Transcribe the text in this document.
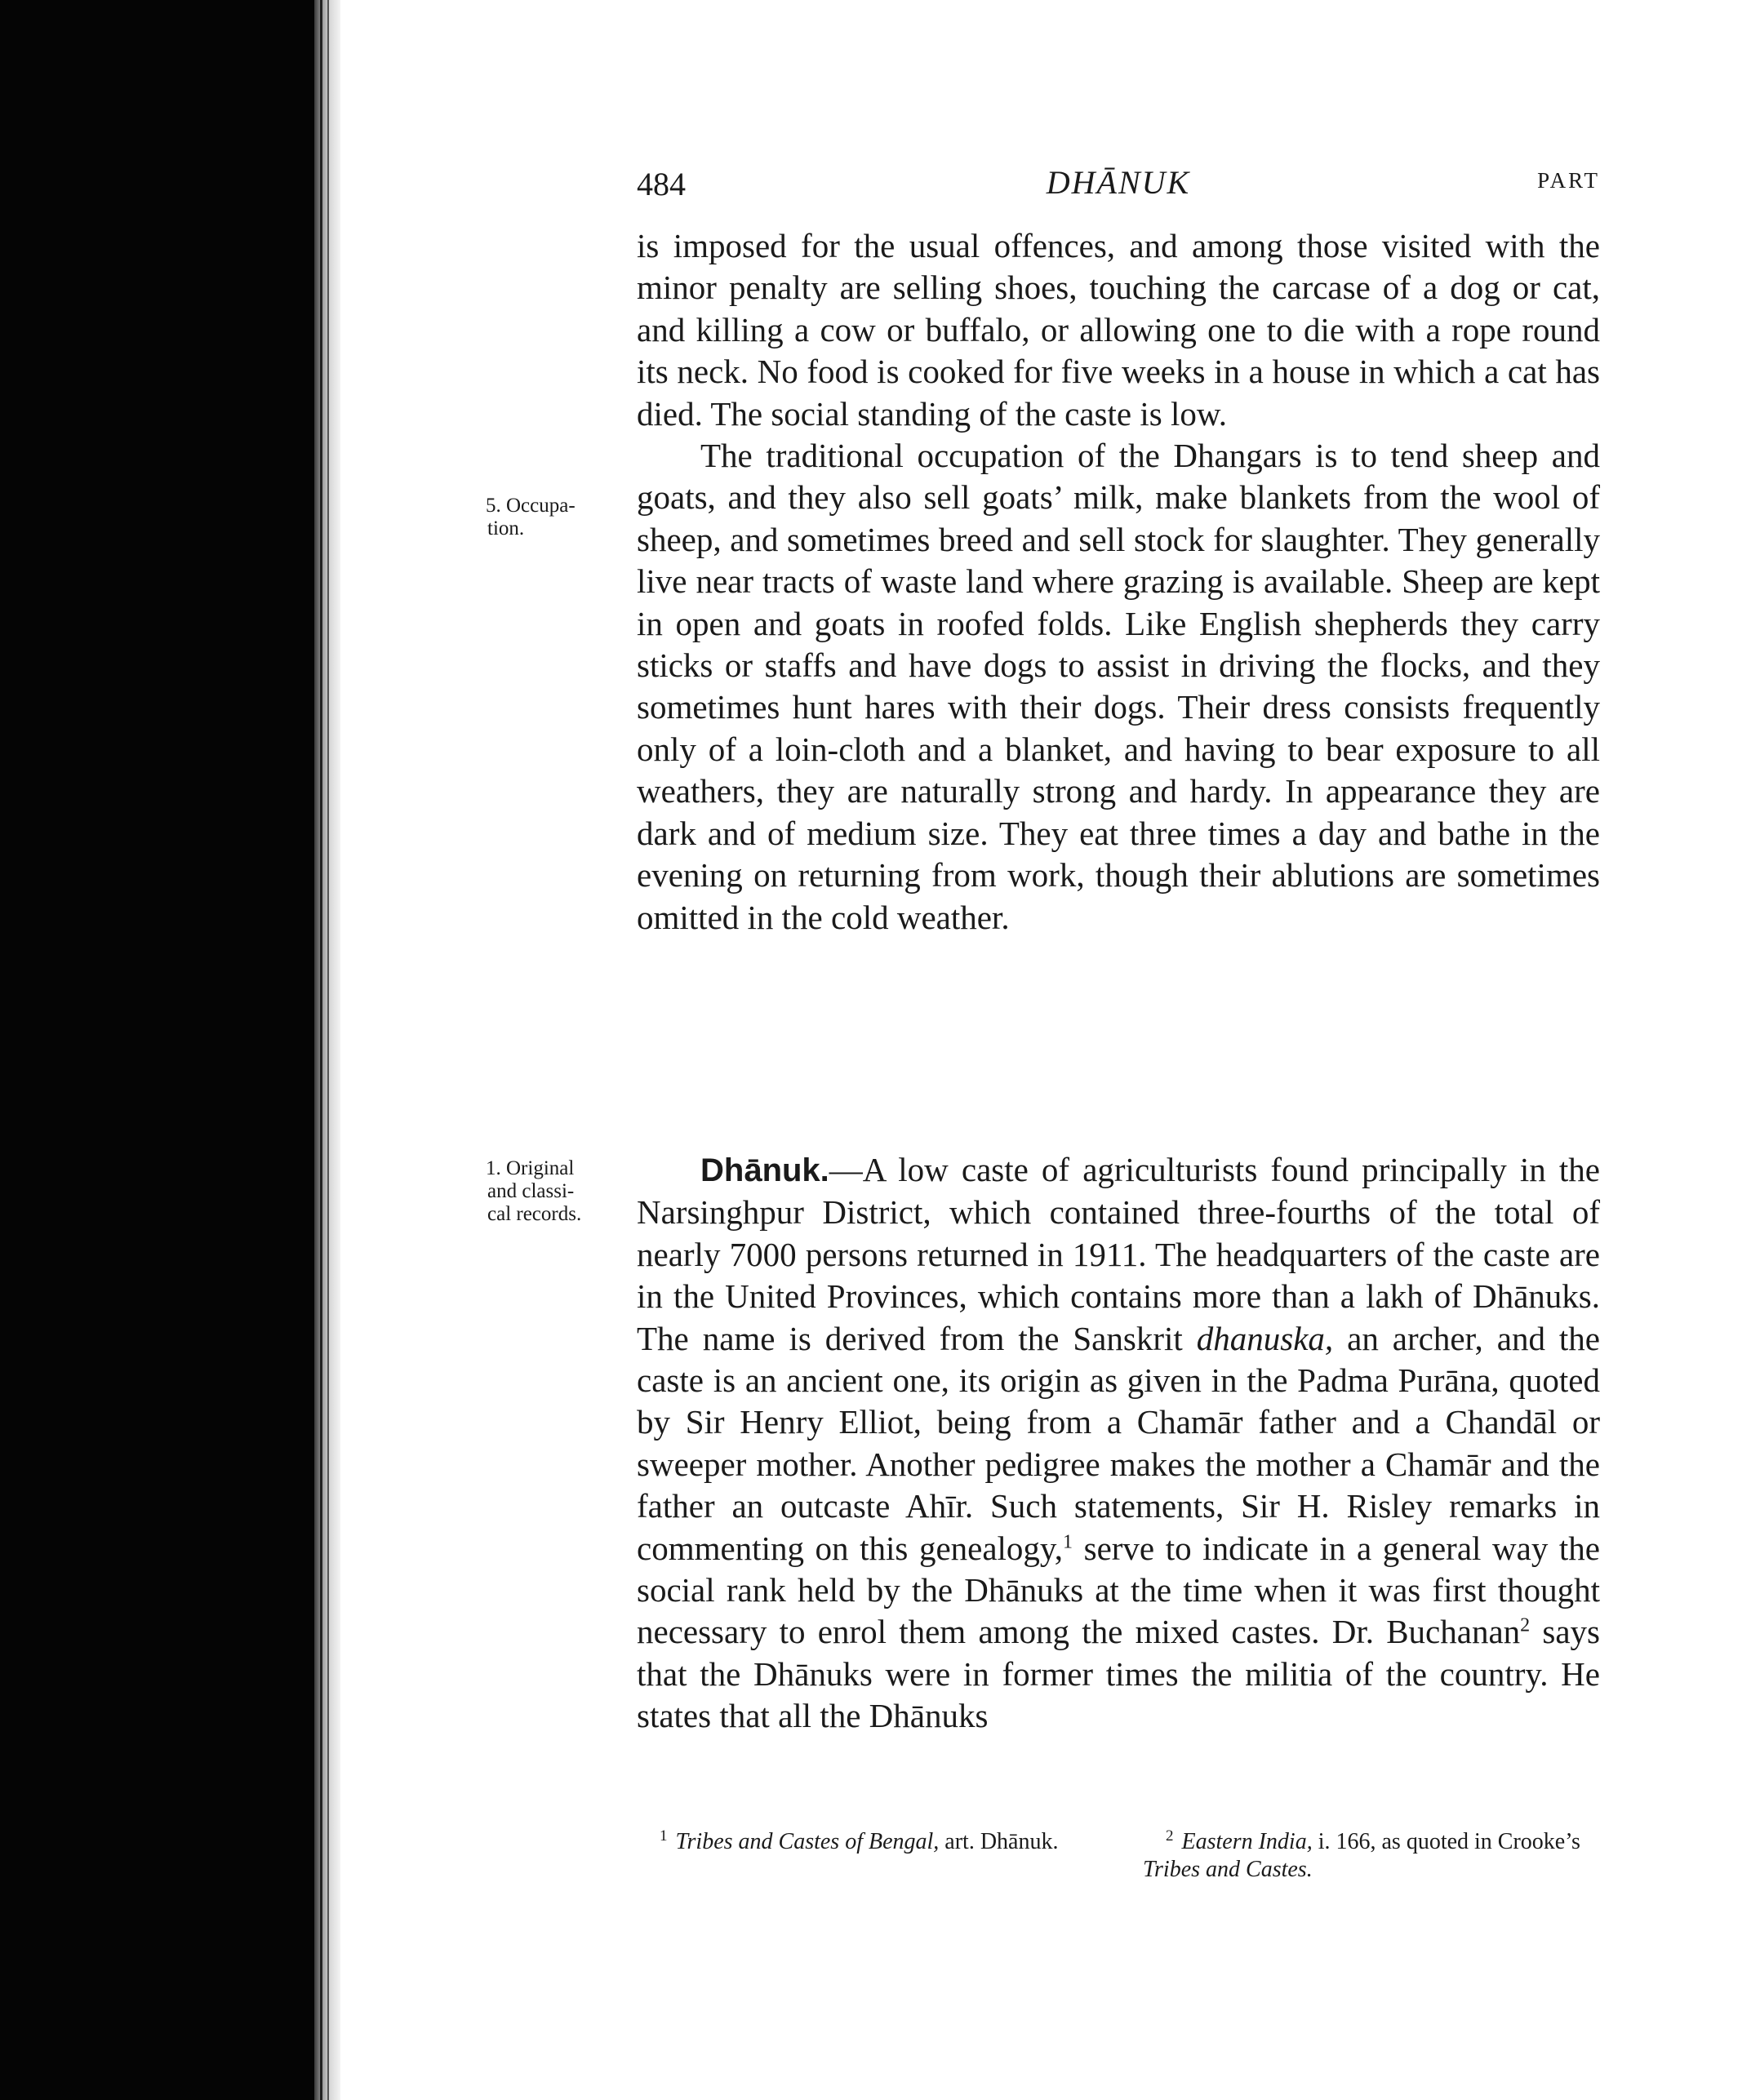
484	DHĀNUK	PART
5. Occupa-
tion.
1. Original
and classi-
cal records.

is imposed for the usual offences, and among those visited with the minor penalty are selling shoes, touching the carcase of a dog or cat, and killing a cow or buffalo, or allowing one to die with a rope round its neck. No food is cooked for five weeks in a house in which a cat has died. The social standing of the caste is low.

The traditional occupation of the Dhangars is to tend sheep and goats, and they also sell goats’ milk, make blankets from the wool of sheep, and sometimes breed and sell stock for slaughter. They generally live near tracts of waste land where grazing is available. Sheep are kept in open and goats in roofed folds. Like English shepherds they carry sticks or staffs and have dogs to assist in driving the flocks, and they sometimes hunt hares with their dogs. Their dress consists frequently only of a loin-cloth and a blanket, and having to bear exposure to all weathers, they are naturally strong and hardy. In appearance they are dark and of medium size. They eat three times a day and bathe in the evening on returning from work, though their ablutions are sometimes omitted in the cold weather.

Dhānuk.—A low caste of agriculturists found principally in the Narsinghpur District, which contained three-fourths of the total of nearly 7000 persons returned in 1911. The headquarters of the caste are in the United Provinces, which contains more than a lakh of Dhānuks. The name is derived from the Sanskrit dhanuska, an archer, and the caste is an ancient one, its origin as given in the Padma Purāna, quoted by Sir Henry Elliot, being from a Chamār father and a Chandāl or sweeper mother. Another pedigree makes the mother a Chamār and the father an outcaste Ahīr. Such statements, Sir H. Risley remarks in commenting on this genealogy,$^1$ serve to indicate in a general way the social rank held by the Dhānuks at the time when it was first thought necessary to enrol them among the mixed castes. Dr. Buchanan$^2$ says that the Dhānuks were in former times the militia of the country. He states that all the Dhānuks

$^1$ Tribes and Castes of Bengal, art. Dhānuk.	$^2$ Eastern India, i. 166, as quoted in Crooke’s Tribes and Castes.
